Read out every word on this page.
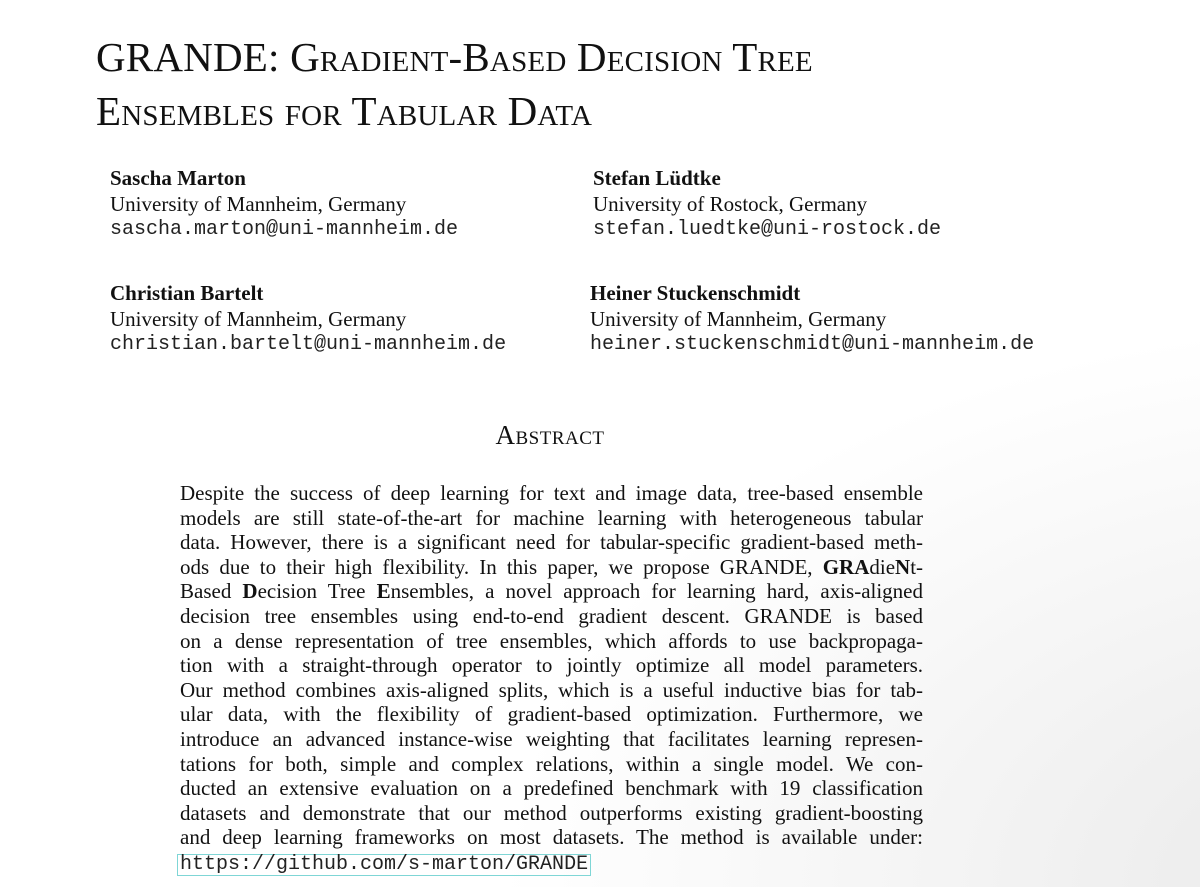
GRANDE: Gradient-Based Decision Tree
Ensembles for Tabular Data
Sascha Marton
University of Mannheim, Germany
sascha.marton@uni-mannheim.de
Stefan Lüdtke
University of Rostock, Germany
stefan.luedtke@uni-rostock.de
Christian Bartelt
University of Mannheim, Germany
christian.bartelt@uni-mannheim.de
Heiner Stuckenschmidt
University of Mannheim, Germany
heiner.stuckenschmidt@uni-mannheim.de
Abstract
Despite the success of deep learning for text and image data, tree-based ensemble
models are still state-of-the-art for machine learning with heterogeneous tabular
data. However, there is a significant need for tabular-specific gradient-based meth-
ods due to their high flexibility. In this paper, we propose GRANDE, GRAdieNt-
Based Decision Tree Ensembles, a novel approach for learning hard, axis-aligned
decision tree ensembles using end-to-end gradient descent. GRANDE is based
on a dense representation of tree ensembles, which affords to use backpropaga-
tion with a straight-through operator to jointly optimize all model parameters.
Our method combines axis-aligned splits, which is a useful inductive bias for tab-
ular data, with the flexibility of gradient-based optimization. Furthermore, we
introduce an advanced instance-wise weighting that facilitates learning represen-
tations for both, simple and complex relations, within a single model. We con-
ducted an extensive evaluation on a predefined benchmark with 19 classification
datasets and demonstrate that our method outperforms existing gradient-boosting
and deep learning frameworks on most datasets. The method is available under:
https://github.com/s-marton/GRANDE
